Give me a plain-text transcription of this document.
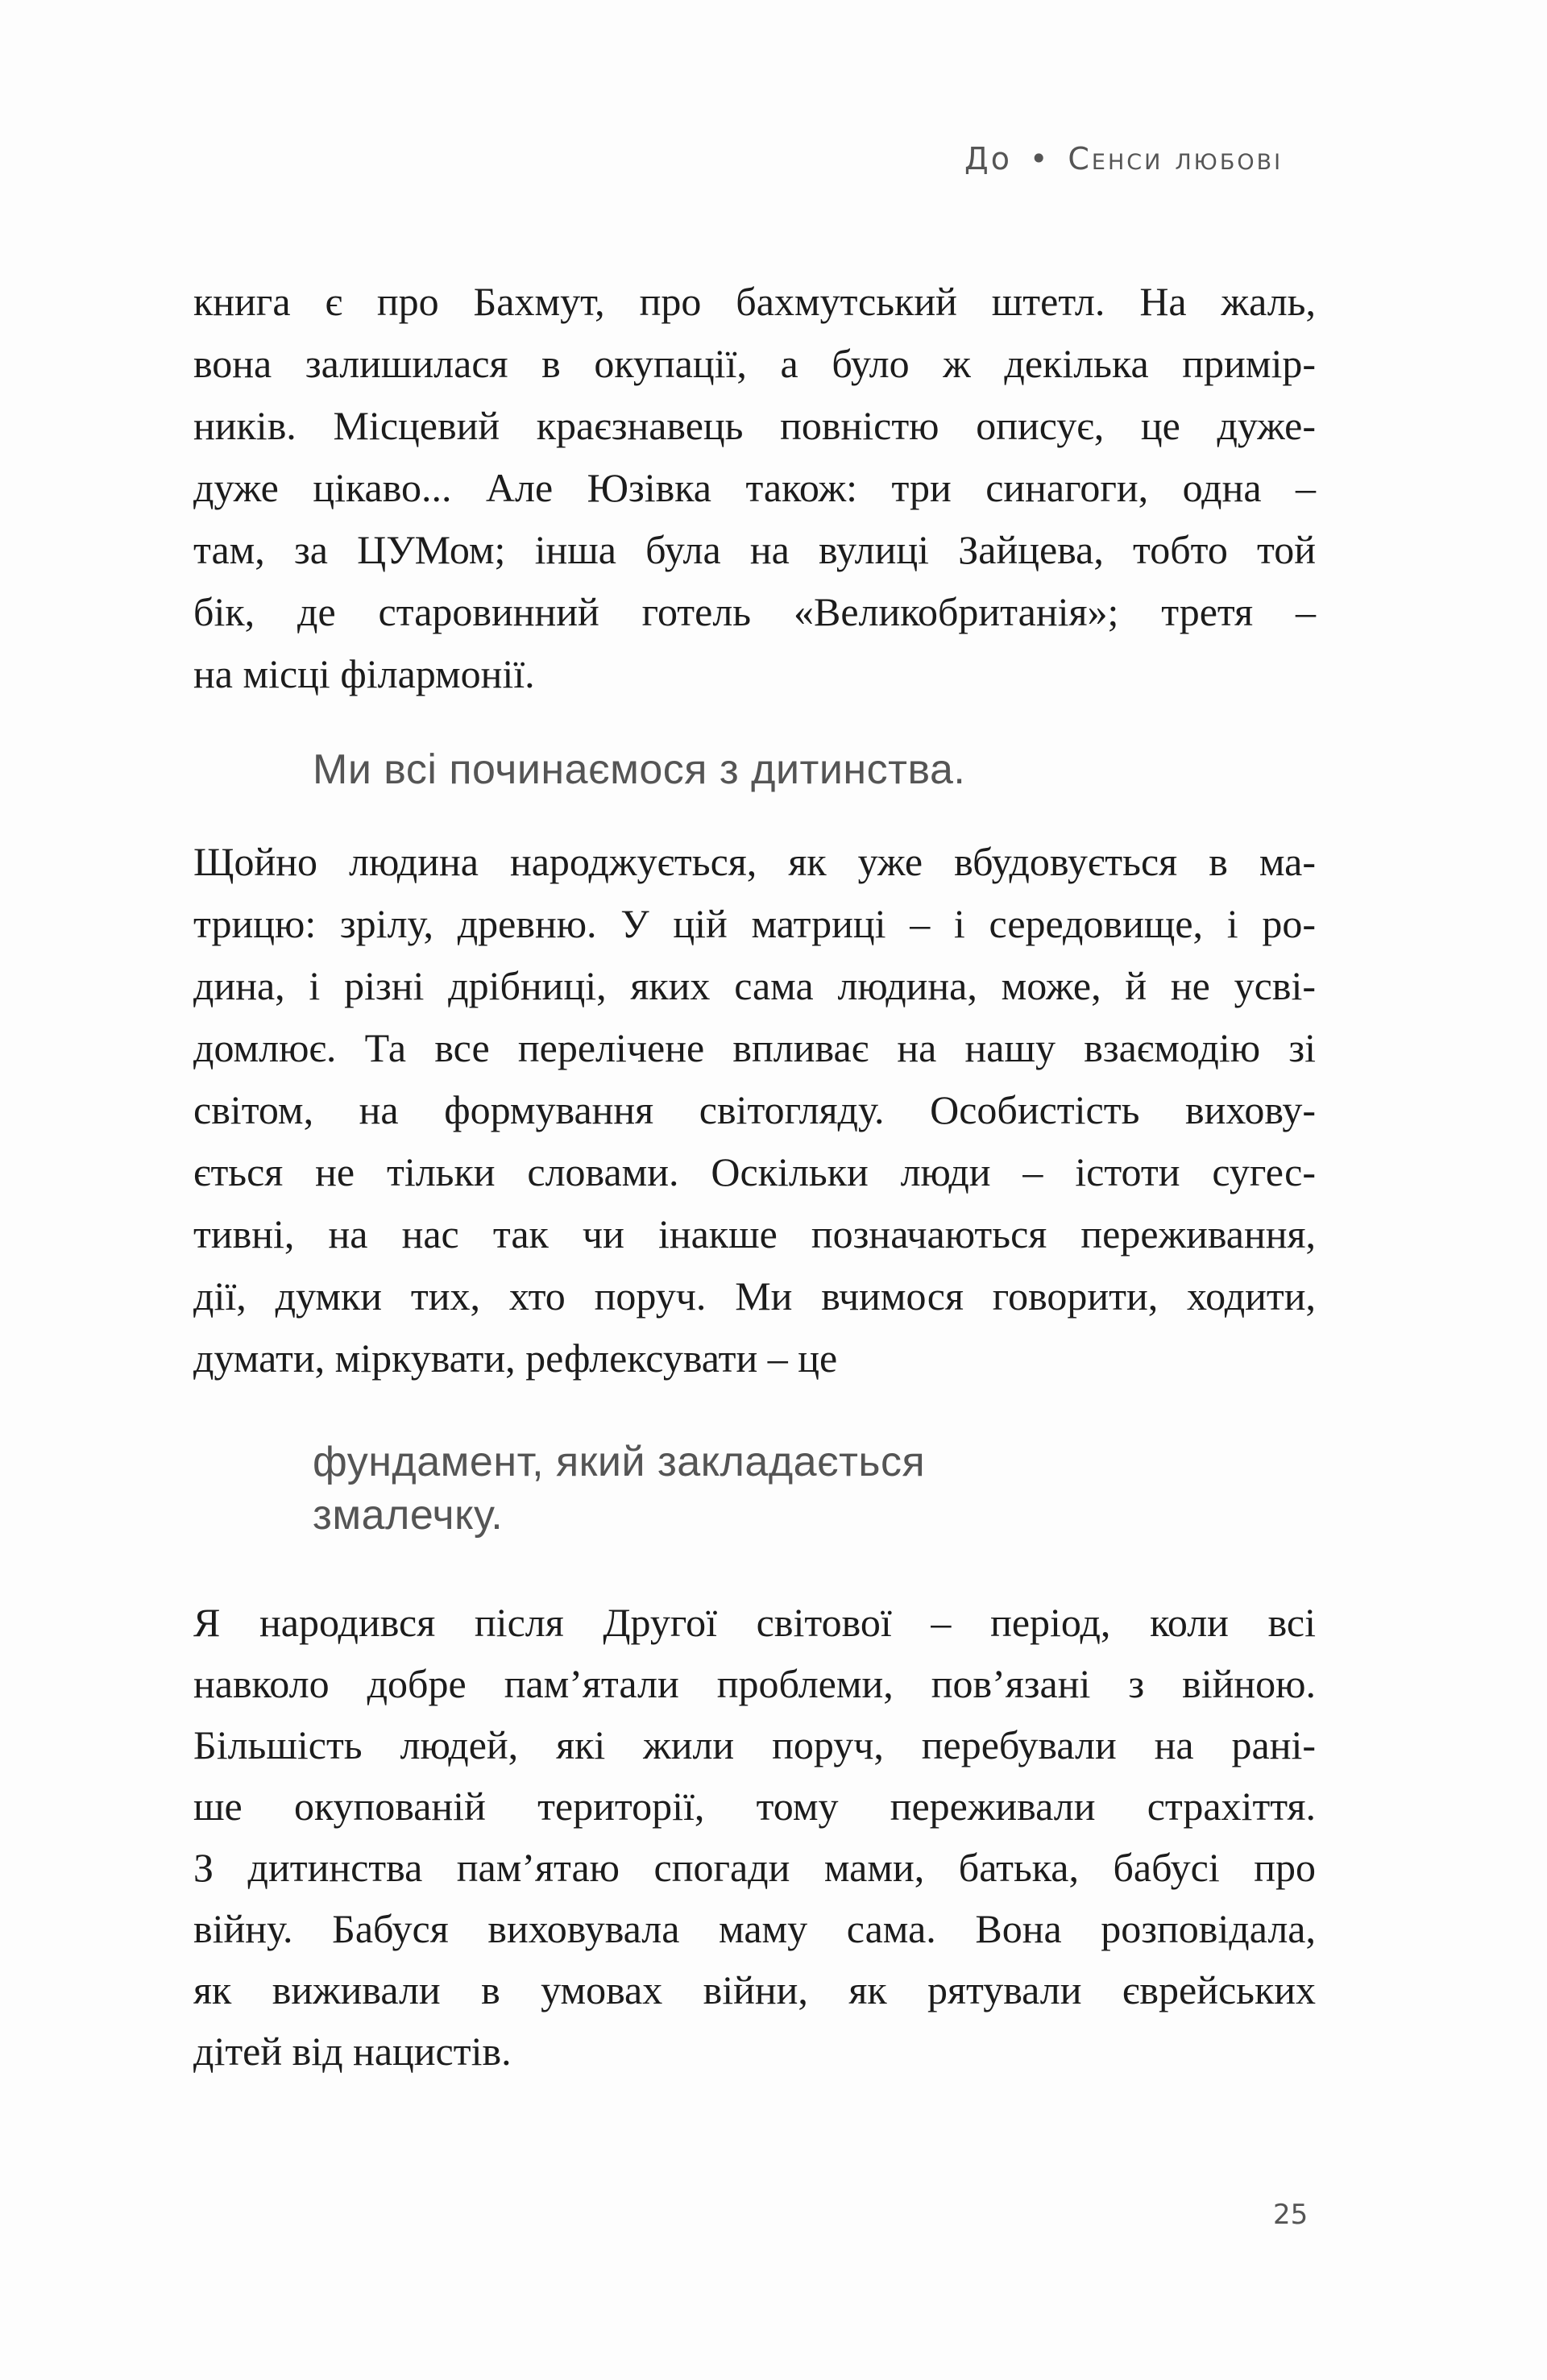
До • Сенси любові
книга є про Бахмут, про бахмутський штетл. На жаль,
вона залишилася в окупації, а було ж декілька примір-
ників. Місцевий краєзнавець повністю описує, це дуже-
дуже цікаво... Але Юзівка також: три синагоги, одна –
там, за ЦУМом; інша була на вулиці Зайцева, тобто той
бік, де старовинний готель «Великобританія»; третя –
на місці філармонії.
Ми всі починаємося з дитинства.
Щойно людина народжується, як уже вбудовується в ма-
трицю: зрілу, древню. У цій матриці – і середовище, і ро-
дина, і різні дрібниці, яких сама людина, може, й не усві-
домлює. Та все перелічене впливає на нашу взаємодію зі
світом, на формування світогляду. Особистість вихову-
ється не тільки словами. Оскільки люди – істоти сугес-
тивні, на нас так чи інакше позначаються переживання,
дії, думки тих, хто поруч. Ми вчимося говорити, ходити,
думати, міркувати, рефлексувати – це
фундамент, який закладається
змалечку.
Я народився після Другої світової – період, коли всі
навколо добре пам’ятали проблеми, пов’язані з війною.
Більшість людей, які жили поруч, перебували на рані-
ше окупованій території, тому переживали страхіття.
З дитинства пам’ятаю спогади мами, батька, бабусі про
війну. Бабуся виховувала маму сама. Вона розповідала,
як виживали в умовах війни, як рятували єврейських
дітей від нацистів.
25
